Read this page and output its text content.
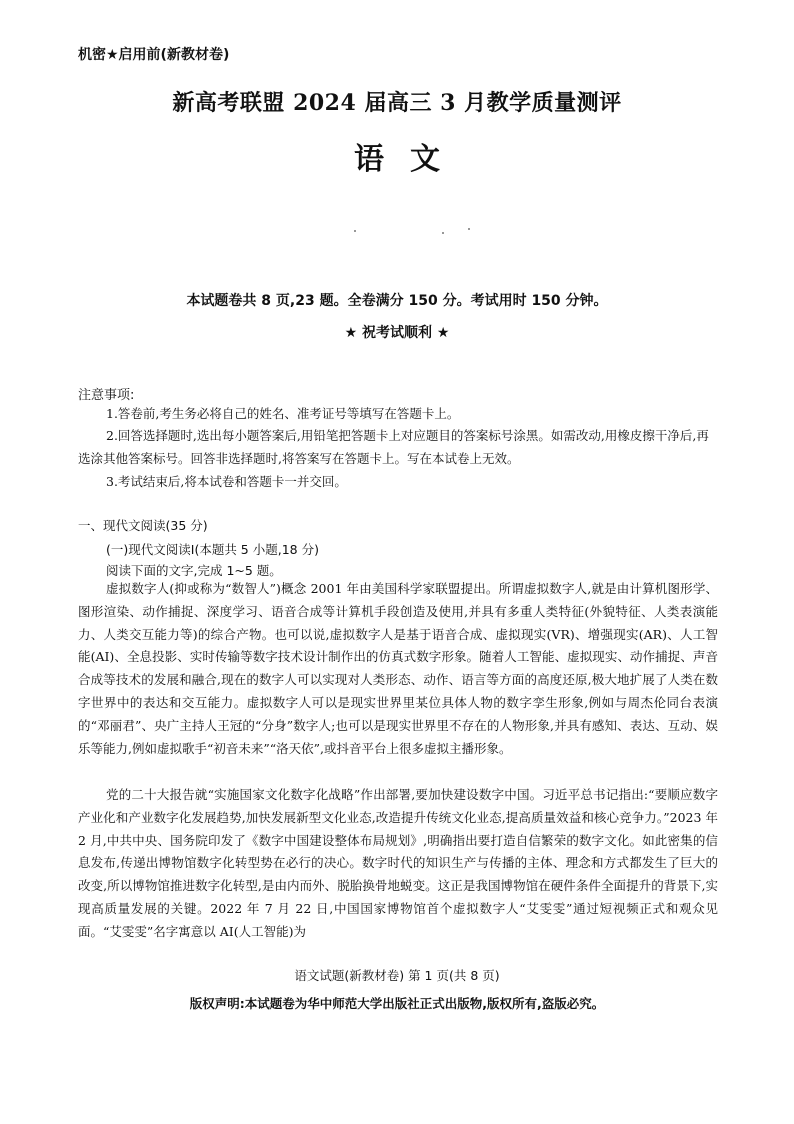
机密★启用前(新教材卷)
新高考联盟 2024 届高三 3 月教学质量测评
语文
本试题卷共 8 页,23 题。全卷满分 150 分。考试用时 150 分钟。
★ 祝考试顺利 ★
注意事项:
1.答卷前,考生务必将自己的姓名、准考证号等填写在答题卡上。
2.回答选择题时,选出每小题答案后,用铅笔把答题卡上对应题目的答案标号涂黑。如需改动,用橡皮擦干净后,再选涂其他答案标号。回答非选择题时,将答案写在答题卡上。写在本试卷上无效。
3.考试结束后,将本试卷和答题卡一并交回。
一、现代文阅读(35 分)
(一)现代文阅读Ⅰ(本题共 5 小题,18 分)
阅读下面的文字,完成 1~5 题。
虚拟数字人(抑或称为“数智人”)概念 2001 年由美国科学家联盟提出。所谓虚拟数字人,就是由计算机图形学、图形渲染、动作捕捉、深度学习、语音合成等计算机手段创造及使用,并具有多重人类特征(外貌特征、人类表演能力、人类交互能力等)的综合产物。也可以说,虚拟数字人是基于语音合成、虚拟现实(VR)、增强现实(AR)、人工智能(AI)、全息投影、实时传输等数字技术设计制作出的仿真式数字形象。随着人工智能、虚拟现实、动作捕捉、声音合成等技术的发展和融合,现在的数字人可以实现对人类形态、动作、语言等方面的高度还原,极大地扩展了人类在数字世界中的表达和交互能力。虚拟数字人可以是现实世界里某位具体人物的数字孪生形象,例如与周杰伦同台表演的“邓丽君”、央广主持人王冠的“分身”数字人;也可以是现实世界里不存在的人物形象,并具有感知、表达、互动、娱乐等能力,例如虚拟歌手“初音未来”“洛天依”,或抖音平台上很多虚拟主播形象。
党的二十大报告就“实施国家文化数字化战略”作出部署,要加快建设数字中国。习近平总书记指出:“要顺应数字产业化和产业数字化发展趋势,加快发展新型文化业态,改造提升传统文化业态,提高质量效益和核心竞争力。”2023 年 2 月,中共中央、国务院印发了《数字中国建设整体布局规划》,明确指出要打造自信繁荣的数字文化。如此密集的信息发布,传递出博物馆数字化转型势在必行的决心。数字时代的知识生产与传播的主体、理念和方式都发生了巨大的改变,所以博物馆推进数字化转型,是由内而外、脱胎换骨地蜕变。这正是我国博物馆在硬件条件全面提升的背景下,实现高质量发展的关键。2022 年 7 月 22 日,中国国家博物馆首个虚拟数字人“艾雯雯”通过短视频正式和观众见面。“艾雯雯”名字寓意以 AI(人工智能)为
语文试题(新教材卷) 第 1 页(共 8 页)
版权声明:本试题卷为华中师范大学出版社正式出版物,版权所有,盗版必究。
